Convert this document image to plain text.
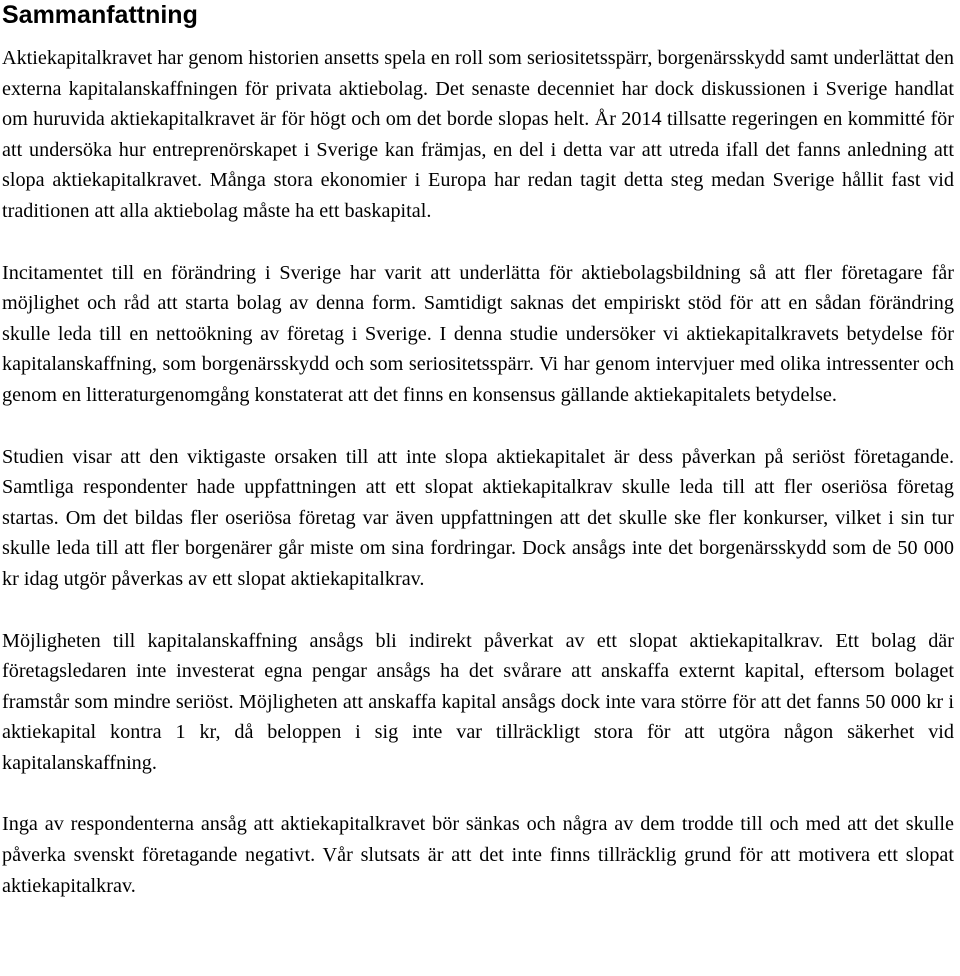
Sammanfattning

Aktiekapitalkravet har genom historien ansetts spela en roll som seriositetsspärr, borgenärsskydd samt underlättat den externa kapitalanskaffningen för privata aktiebolag. Det senaste decenniet har dock diskussionen i Sverige handlat om huruvida aktiekapitalkravet är för högt och om det borde slopas helt. År 2014 tillsatte regeringen en kommitté för att undersöka hur entreprenörskapet i Sverige kan främjas, en del i detta var att utreda ifall det fanns anledning att slopa aktiekapitalkravet. Många stora ekonomier i Europa har redan tagit detta steg medan Sverige hållit fast vid traditionen att alla aktiebolag måste ha ett baskapital.

Incitamentet till en förändring i Sverige har varit att underlätta för aktiebolagsbildning så att fler företagare får möjlighet och råd att starta bolag av denna form. Samtidigt saknas det empiriskt stöd för att en sådan förändring skulle leda till en nettoökning av företag i Sverige. I denna studie undersöker vi aktiekapitalkravets betydelse för kapitalanskaffning, som borgenärsskydd och som seriositetsspärr. Vi har genom intervjuer med olika intressenter och genom en litteraturgenomgång konstaterat att det finns en konsensus gällande aktiekapitalets betydelse.

Studien visar att den viktigaste orsaken till att inte slopa aktiekapitalet är dess påverkan på seriöst företagande. Samtliga respondenter hade uppfattningen att ett slopat aktiekapitalkrav skulle leda till att fler oseriösa företag startas. Om det bildas fler oseriösa företag var även uppfattningen att det skulle ske fler konkurser, vilket i sin tur skulle leda till att fler borgenärer går miste om sina fordringar. Dock ansågs inte det borgenärsskydd som de 50 000 kr idag utgör påverkas av ett slopat aktiekapitalkrav.

Möjligheten till kapitalanskaffning ansågs bli indirekt påverkat av ett slopat aktiekapitalkrav. Ett bolag där företagsledaren inte investerat egna pengar ansågs ha det svårare att anskaffa externt kapital, eftersom bolaget framstår som mindre seriöst. Möjligheten att anskaffa kapital ansågs dock inte vara större för att det fanns 50 000 kr i aktiekapital kontra 1 kr, då beloppen i sig inte var tillräckligt stora för att utgöra någon säkerhet vid kapitalanskaffning.

Inga av respondenterna ansåg att aktiekapitalkravet bör sänkas och några av dem trodde till och med att det skulle påverka svenskt företagande negativt. Vår slutsats är att det inte finns tillräcklig grund för att motivera ett slopat aktiekapitalkrav.
